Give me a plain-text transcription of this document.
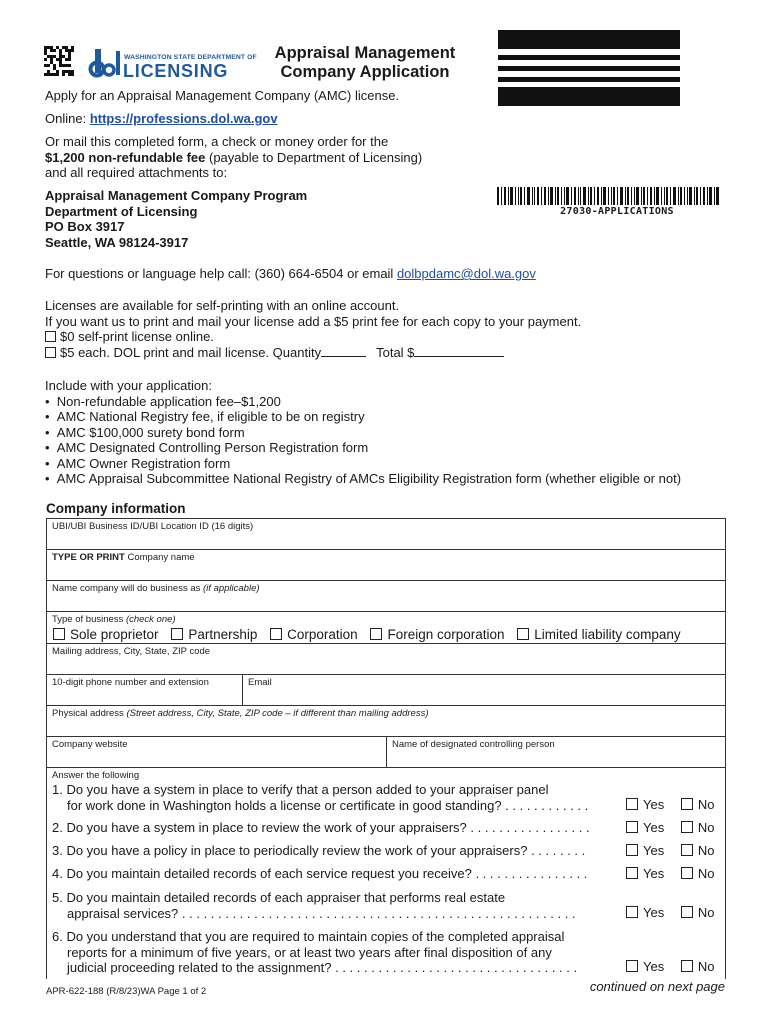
WASHINGTON STATE DEPARTMENT OF
LICENSING
Appraisal Management
Company Application
27030-APPLICATIONS
Apply for an Appraisal Management Company (AMC) license.
Online: https://professions.dol.wa.gov
Or mail this completed form, a check or money order for the
$1,200 non-refundable fee (payable to Department of Licensing)
and all required attachments to:
Appraisal Management Company Program
Department of Licensing
PO Box 3917
Seattle, WA 98124-3917
For questions or language help call: (360) 664-6504 or email dolbpdamc@dol.wa.gov
Licenses are available for self-printing with an online account.
If you want us to print and mail your license add a $5 print fee for each copy to your payment.
$0 self-print license online.
$5 each. DOL print and mail license. Quantity	Total $
Include with your application:
•  Non-refundable application fee–$1,200
•  AMC National Registry fee, if eligible to be on registry
•  AMC $100,000 surety bond form
•  AMC Designated Controlling Person Registration form
•  AMC Owner Registration form
•  AMC Appraisal Subcommittee National Registry of AMCs Eligibility Registration form (whether eligible or not)
Company information
UBI/UBI Business ID/UBI Location ID (16 digits)
TYPE OR PRINT Company name
Name company will do business as (if applicable)
Type of business (check one)
Sole proprietor Partnership Corporation Foreign corporation Limited liability company
Mailing address, City, State, ZIP code
10-digit phone number and extension	Email
Physical address (Street address, City, State, ZIP code – if different than mailing address)
Company website	Name of designated controlling person
Answer the following
1. Do you have a system in place to verify that a person added to your appraiser panel
for work done in Washington holds a license or certificate in good standing? . . . . . . . . . . . .	Yes	No
2. Do you have a system in place to review the work of your appraisers? . . . . . . . . . . . . . . . . .	Yes	No
3. Do you have a policy in place to periodically review the work of your appraisers? . . . . . . . .	Yes	No
4. Do you maintain detailed records of each service request you receive? . . . . . . . . . . . . . . . .	Yes	No
5. Do you maintain detailed records of each appraiser that performs real estate
appraisal services? . . . . . . . . . . . . . . . . . . . . . . . . . . . . . . . . . . . . . . . . . . . . . . . . . . . . . . .	Yes	No
6. Do you understand that you are required to maintain copies of the completed appraisal
reports for a minimum of five years, or at least two years after final disposition of any
judicial proceeding related to the assignment? . . . . . . . . . . . . . . . . . . . . . . . . . . . . . . . . . .	Yes	No
APR-622-188 (R/8/23)WA Page 1 of 2	continued on next page
